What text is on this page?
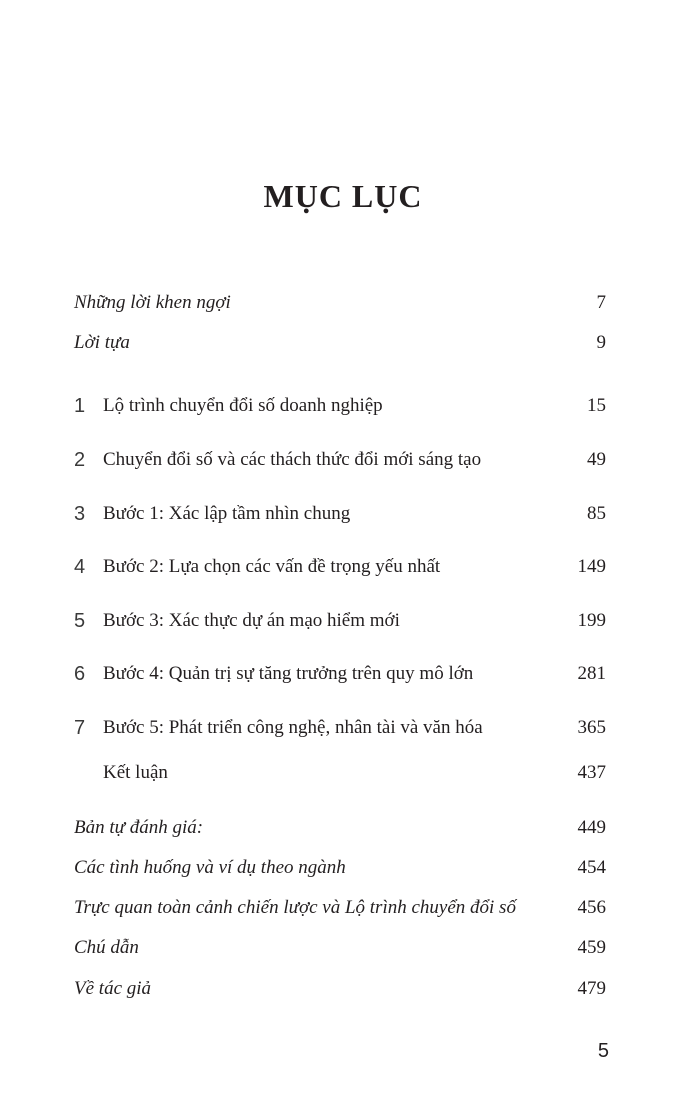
MỤC LỤC
Những lời khen ngợi	7
Lời tựa	9
1 Lộ trình chuyển đổi số doanh nghiệp	15
2 Chuyển đổi số và các thách thức đổi mới sáng tạo	49
3 Bước 1: Xác lập tầm nhìn chung	85
4 Bước 2: Lựa chọn các vấn đề trọng yếu nhất	149
5 Bước 3: Xác thực dự án mạo hiểm mới	199
6 Bước 4: Quản trị sự tăng trưởng trên quy mô lớn	281
7 Bước 5: Phát triển công nghệ, nhân tài và văn hóa	365
Kết luận	437
Bản tự đánh giá:	449
Các tình huống và ví dụ theo ngành	454
Trực quan toàn cảnh chiến lược và Lộ trình chuyển đổi số	456
Chú dẫn	459
Về tác giả	479
5
